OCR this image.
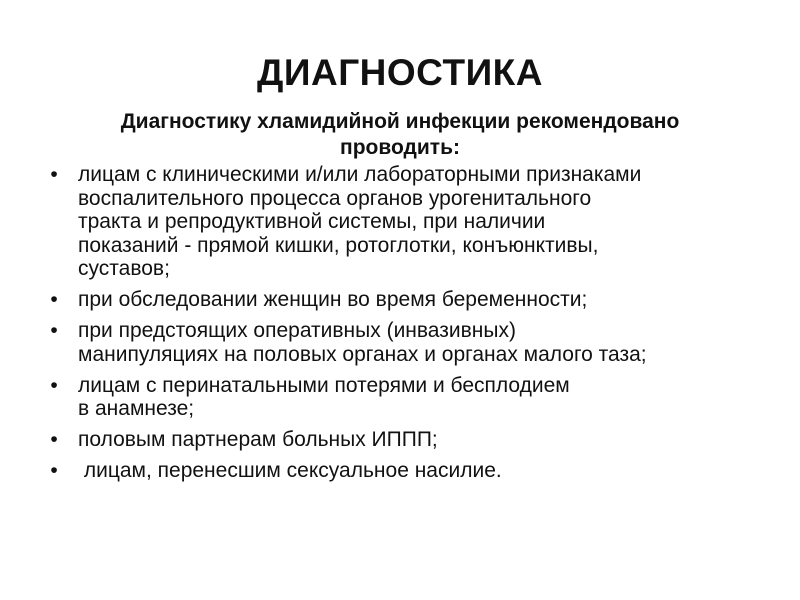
ДИАГНОСТИКА
Диагностику хламидийной инфекции рекомендовано
проводить:
• лицам с клиническими и/или лабораторными признаками
воспалительного процесса органов урогенитального
тракта и репродуктивной системы, при наличии
показаний - прямой кишки, ротоглотки, конъюнктивы,
суставов;
• при обследовании женщин во время беременности;
• при предстоящих оперативных (инвазивных)
манипуляциях на половых органах и органах малого таза;
• лицам с перинатальными потерями и бесплодием
в анамнезе;
• половым партнерам больных ИППП;
• лицам, перенесшим сексуальное насилие.
